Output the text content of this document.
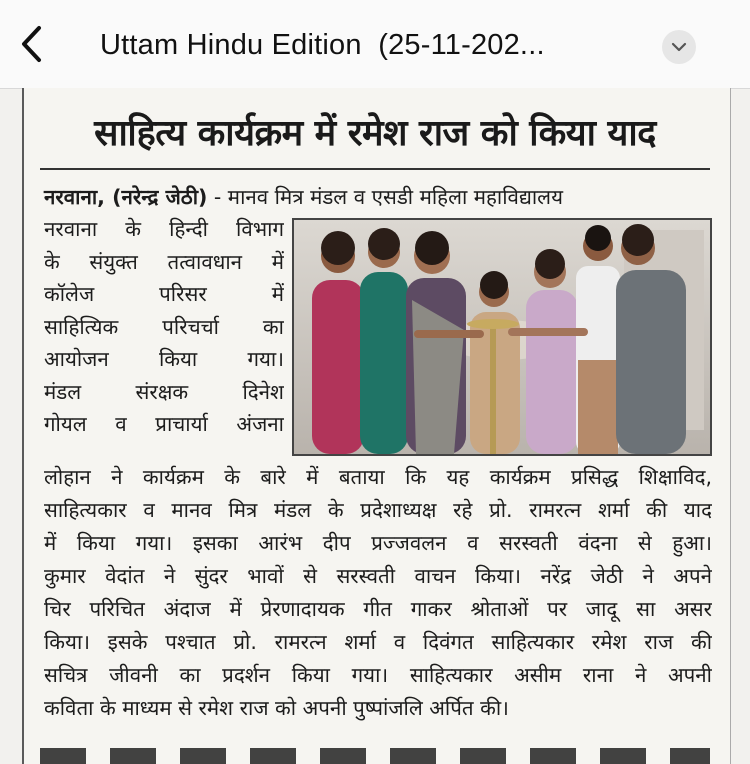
Uttam Hindu Edition  (25-11-202...
साहित्य कार्यक्रम में रमेश राज को किया याद
नरवाना, (नरेन्द्र जेठी) - मानव मित्र मंडल व एसडी महिला महाविद्यालय
नरवाना के हिन्दी विभाग
के संयुक्त तत्वावधान में
कॉलेज परिसर में
साहित्यिक परिचर्चा का
आयोजन किया गया।
मंडल संरक्षक दिनेश
गोयल व प्राचार्या अंजना
लोहान ने कार्यक्रम के बारे में बताया कि यह कार्यक्रम प्रसिद्ध शिक्षाविद,
साहित्यकार व मानव मित्र मंडल के प्रदेशाध्यक्ष रहे प्रो. रामरत्न शर्मा की याद
में किया गया। इसका आरंभ दीप प्रज्जवलन व सरस्वती वंदना से हुआ।
कुमार वेदांत ने सुंदर भावों से सरस्वती वाचन किया। नरेंद्र जेठी ने अपने
चिर परिचित अंदाज में प्रेरणादायक गीत गाकर श्रोताओं पर जादू सा असर
किया। इसके पश्चात प्रो. रामरत्न शर्मा व दिवंगत साहित्यकार रमेश राज की
सचित्र जीवनी का प्रदर्शन किया गया। साहित्यकार असीम राना ने अपनी
कविता के माध्यम से रमेश राज को अपनी पुष्पांजलि अर्पित की।
